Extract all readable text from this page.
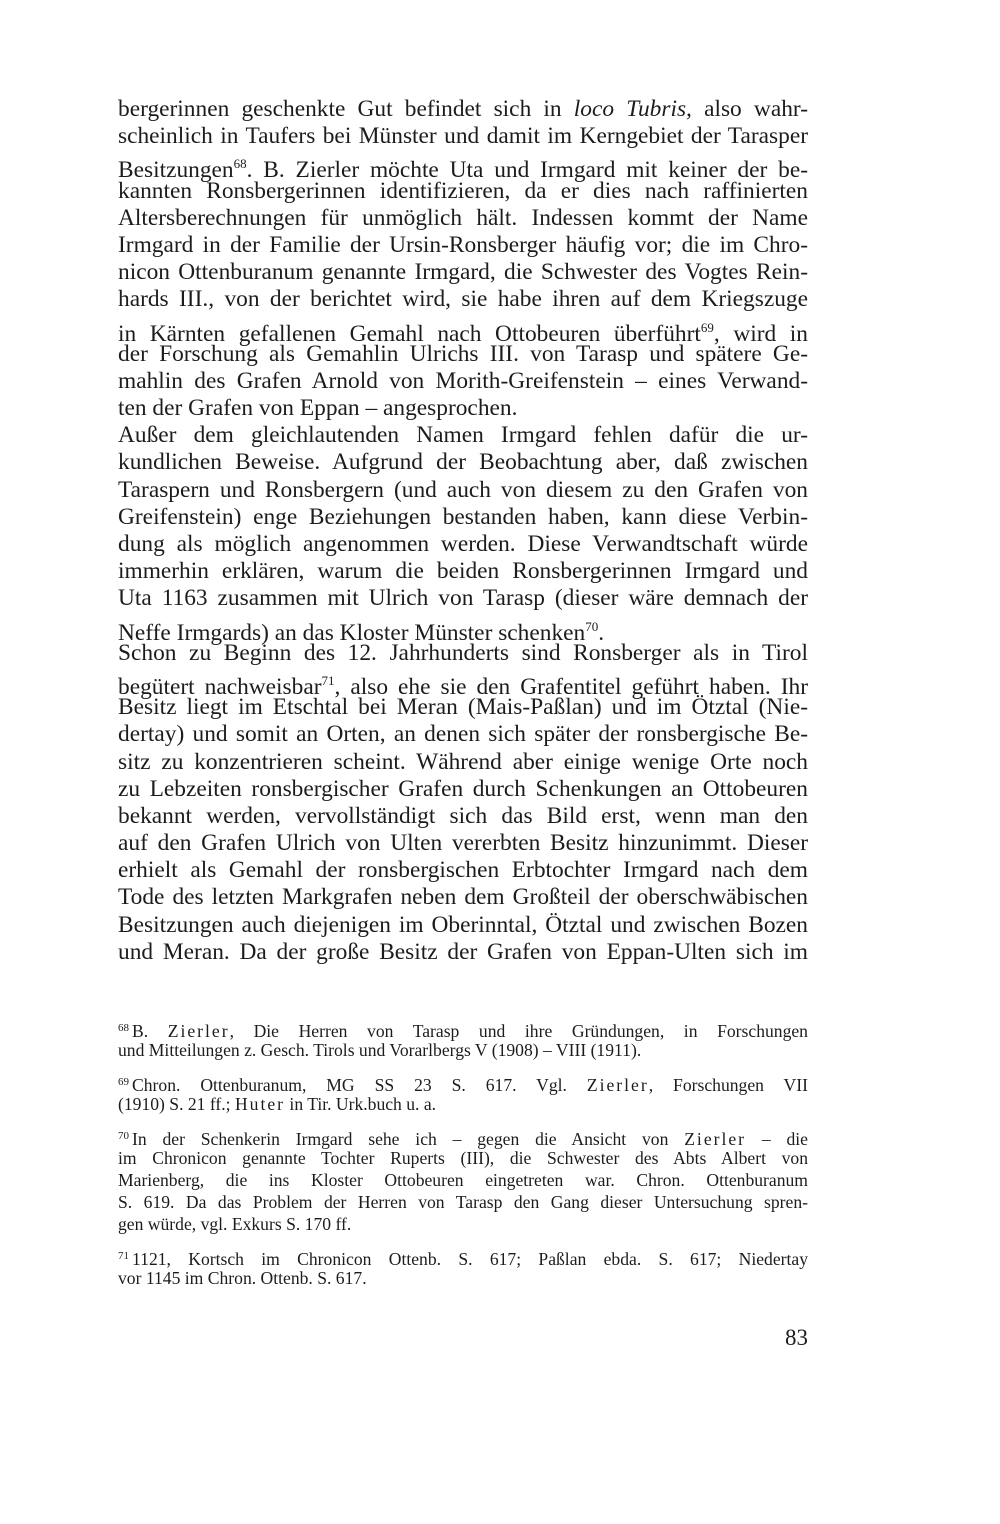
bergerinnen geschenkte Gut befindet sich in loco Tubris, also wahr-
scheinlich in Taufers bei Münster und damit im Kerngebiet der Tarasper
Besitzungen$^{68}$. B. Zierler möchte Uta und Irmgard mit keiner der be-
kannten Ronsbergerinnen identifizieren, da er dies nach raffinierten
Altersberechnungen für unmöglich hält. Indessen kommt der Name
Irmgard in der Familie der Ursin-Ronsberger häufig vor; die im Chro-
nicon Ottenburanum genannte Irmgard, die Schwester des Vogtes Rein-
hards III., von der berichtet wird, sie habe ihren auf dem Kriegszuge
in Kärnten gefallenen Gemahl nach Ottobeuren überführt$^{69}$, wird in
der Forschung als Gemahlin Ulrichs III. von Tarasp und spätere Ge-
mahlin des Grafen Arnold von Morith-Greifenstein – eines Verwand-
ten der Grafen von Eppan – angesprochen.
Außer dem gleichlautenden Namen Irmgard fehlen dafür die ur-
kundlichen Beweise. Aufgrund der Beobachtung aber, daß zwischen
Taraspern und Ronsbergern (und auch von diesem zu den Grafen von
Greifenstein) enge Beziehungen bestanden haben, kann diese Verbin-
dung als möglich angenommen werden. Diese Verwandtschaft würde
immerhin erklären, warum die beiden Ronsbergerinnen Irmgard und
Uta 1163 zusammen mit Ulrich von Tarasp (dieser wäre demnach der
Neffe Irmgards) an das Kloster Münster schenken$^{70}$.
Schon zu Beginn des 12. Jahrhunderts sind Ronsberger als in Tirol
begütert nachweisbar$^{71}$, also ehe sie den Grafentitel geführt haben. Ihr
Besitz liegt im Etschtal bei Meran (Mais-Paßlan) und im Ötztal (Nie-
dertay) und somit an Orten, an denen sich später der ronsbergische Be-
sitz zu konzentrieren scheint. Während aber einige wenige Orte noch
zu Lebzeiten ronsbergischer Grafen durch Schenkungen an Ottobeuren
bekannt werden, vervollständigt sich das Bild erst, wenn man den
auf den Grafen Ulrich von Ulten vererbten Besitz hinzunimmt. Dieser
erhielt als Gemahl der ronsbergischen Erbtochter Irmgard nach dem
Tode des letzten Markgrafen neben dem Großteil der oberschwäbischen
Besitzungen auch diejenigen im Oberinntal, Ötztal und zwischen Bozen
und Meran. Da der große Besitz der Grafen von Eppan-Ulten sich im
$^{68}$ B. Zierler, Die Herren von Tarasp und ihre Gründungen, in Forschungen
und Mitteilungen z. Gesch. Tirols und Vorarlbergs V (1908) – VIII (1911).
$^{69}$ Chron. Ottenburanum, MG SS 23 S. 617. Vgl. Zierler, Forschungen VII
(1910) S. 21 ff.; Huter in Tir. Urk.buch u. a.
$^{70}$ In der Schenkerin Irmgard sehe ich – gegen die Ansicht von Zierler – die
im Chronicon genannte Tochter Ruperts (III), die Schwester des Abts Albert von
Marienberg, die ins Kloster Ottobeuren eingetreten war. Chron. Ottenburanum
S. 619. Da das Problem der Herren von Tarasp den Gang dieser Untersuchung spren-
gen würde, vgl. Exkurs S. 170 ff.
$^{71}$ 1121, Kortsch im Chronicon Ottenb. S. 617; Paßlan ebda. S. 617; Niedertay
vor 1145 im Chron. Ottenb. S. 617.
83
